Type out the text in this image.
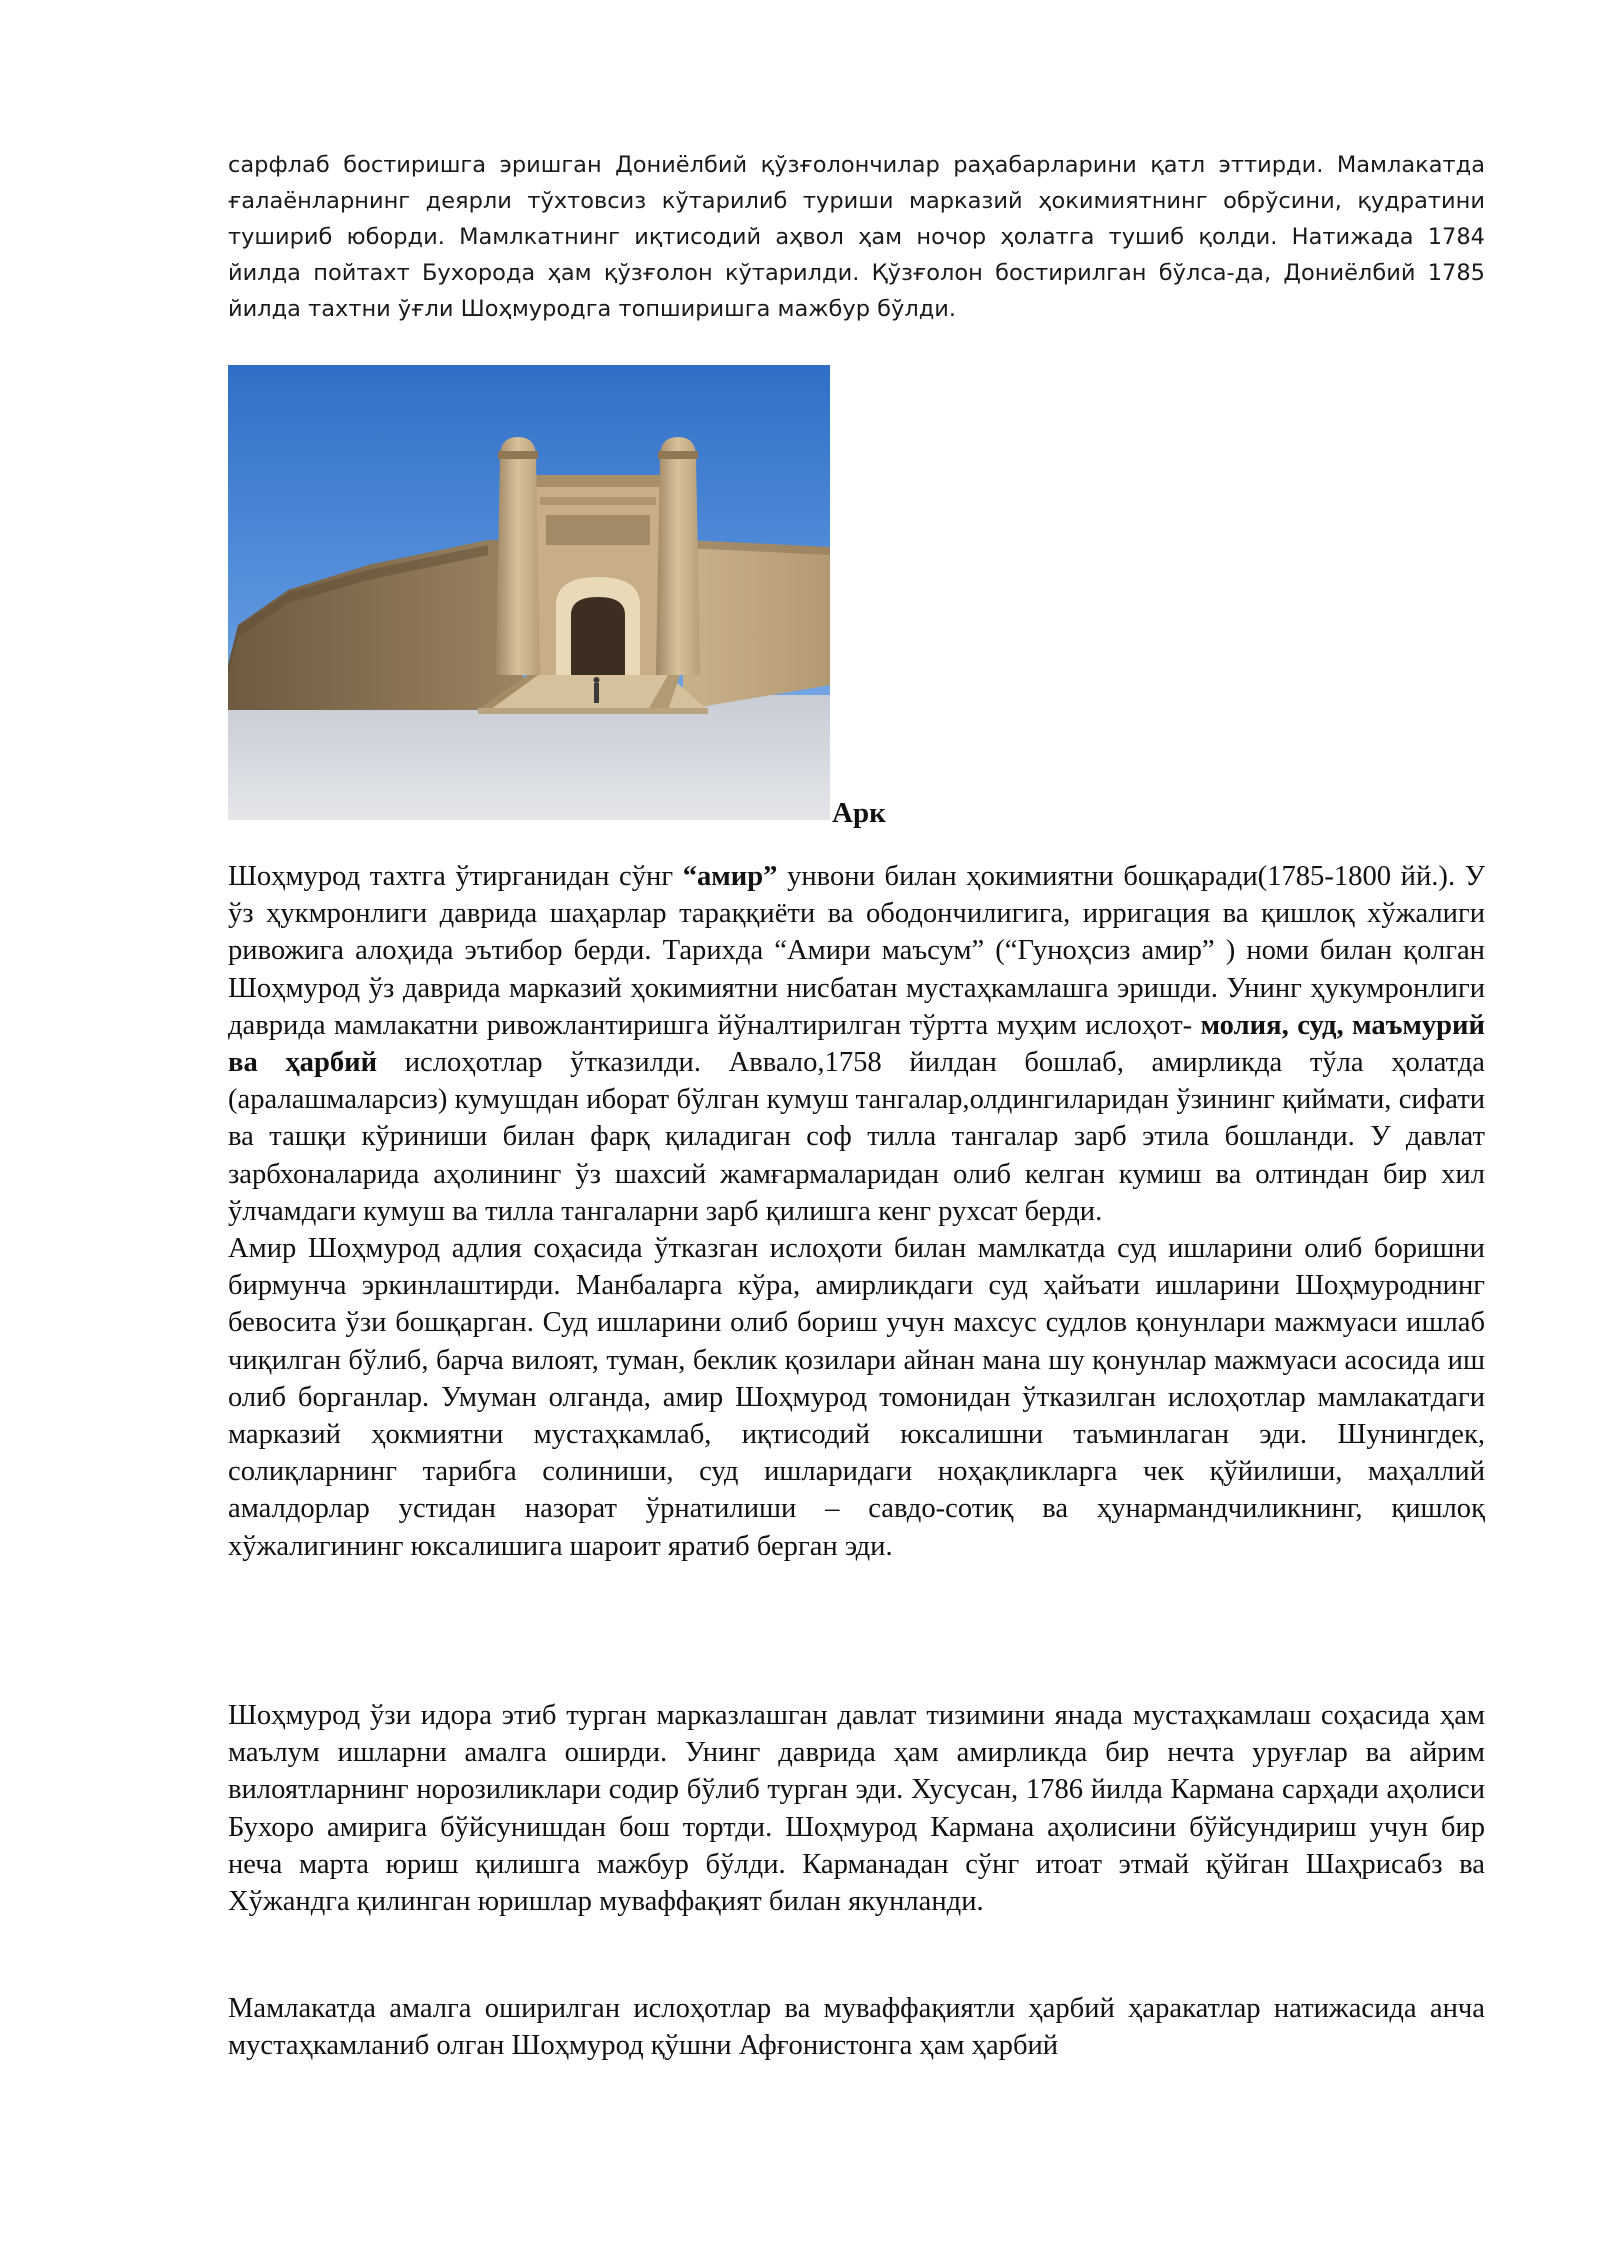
сарфлаб бостиришга эришган Дониёлбий қўзғолончилар раҳабарларини қатл эттирди. Мамлакатда ғалаёнларнинг деярли тўхтовсиз кўтарилиб туриши марказий ҳокимиятнинг обрўсини, қудратини тушириб юборди. Мамлкатнинг иқтисодий аҳвол ҳам ночор ҳолатга тушиб қолди. Натижада 1784 йилда пойтахт Бухорода ҳам қўзғолон кўтарилди. Қўзғолон бостирилган бўлса-да, Дониёлбий 1785 йилда тахтни ўғли Шоҳмуродга топширишга мажбур бўлди.

Арк

Шоҳмурод тахтга ўтирганидан сўнг “амир” унвони билан ҳокимиятни бошқаради(1785-1800 йй.). У ўз ҳукмронлиги даврида шаҳарлар тараққиёти ва ободончилигига, ирригация ва қишлоқ хўжалиги ривожига алоҳида эътибор берди. Тарихда “Амири маъсум” (“Гуноҳсиз амир” ) номи билан қолган Шоҳмурод ўз даврида марказий ҳокимиятни нисбатан мустаҳкамлашга эришди. Унинг ҳукумронлиги даврида мамлакатни ривожлантиришга йўналтирилган тўртта муҳим ислоҳот- молия, суд, маъмурий ва ҳарбий ислоҳотлар ўтказилди. Аввало,1758 йилдан бошлаб, амирликда тўла ҳолатда (аралашмаларсиз) кумушдан иборат бўлган кумуш тангалар,олдингиларидан ўзининг қиймати, сифати ва ташқи кўриниши билан фарқ қиладиган соф тилла тангалар зарб этила бошланди. У давлат зарбхоналарида аҳолининг ўз шахсий жамғармаларидан олиб келган кумиш ва олтиндан бир хил ўлчамдаги кумуш ва тилла тангаларни зарб қилишга кенг рухсат берди.
Амир Шоҳмурод адлия соҳасида ўтказган ислоҳоти билан мамлкатда суд ишларини олиб боришни бирмунча эркинлаштирди. Манбаларга кўра, амирликдаги суд ҳайъати ишларини Шоҳмуроднинг бевосита ўзи бошқарган. Суд ишларини олиб бориш учун махсус судлов қонунлари мажмуаси ишлаб чиқилган бўлиб, барча вилоят, туман, беклик қозилари айнан мана шу қонунлар мажмуаси асосида иш олиб борганлар. Умуман олганда, амир Шоҳмурод томонидан ўтказилган ислоҳотлар мамлакатдаги марказий ҳокмиятни мустаҳкамлаб, иқтисодий юксалишни таъминлаган эди. Шунингдек, солиқларнинг тарибга солиниши, суд ишларидаги ноҳақликларга чек қўйилиши, маҳаллий амалдорлар устидан назорат ўрнатилиши – савдо-сотиқ ва ҳунармандчиликнинг, қишлоқ хўжалигининг юксалишига шароит яратиб берган эди.

Шоҳмурод ўзи идора этиб турган марказлашган давлат тизимини янада мустаҳкамлаш соҳасида ҳам маълум ишларни амалга оширди. Унинг даврида ҳам амирликда бир нечта уруғлар ва айрим вилоятларнинг норозиликлари содир бўлиб турган эди. Хусусан, 1786 йилда Кармана сарҳади аҳолиси Бухоро амирига бўйсунишдан бош тортди. Шоҳмурод Кармана аҳолисини бўйсундириш учун бир неча марта юриш қилишга мажбур бўлди. Карманадан сўнг итоат этмай қўйган Шаҳрисабз ва Хўжандга қилинган юришлар муваффақият билан якунланди.

Мамлакатда амалга оширилган ислоҳотлар ва муваффақиятли ҳарбий ҳаракатлар натижасида анча мустаҳкамланиб олган Шоҳмурод қўшни Афғонистонга ҳам ҳарбий
